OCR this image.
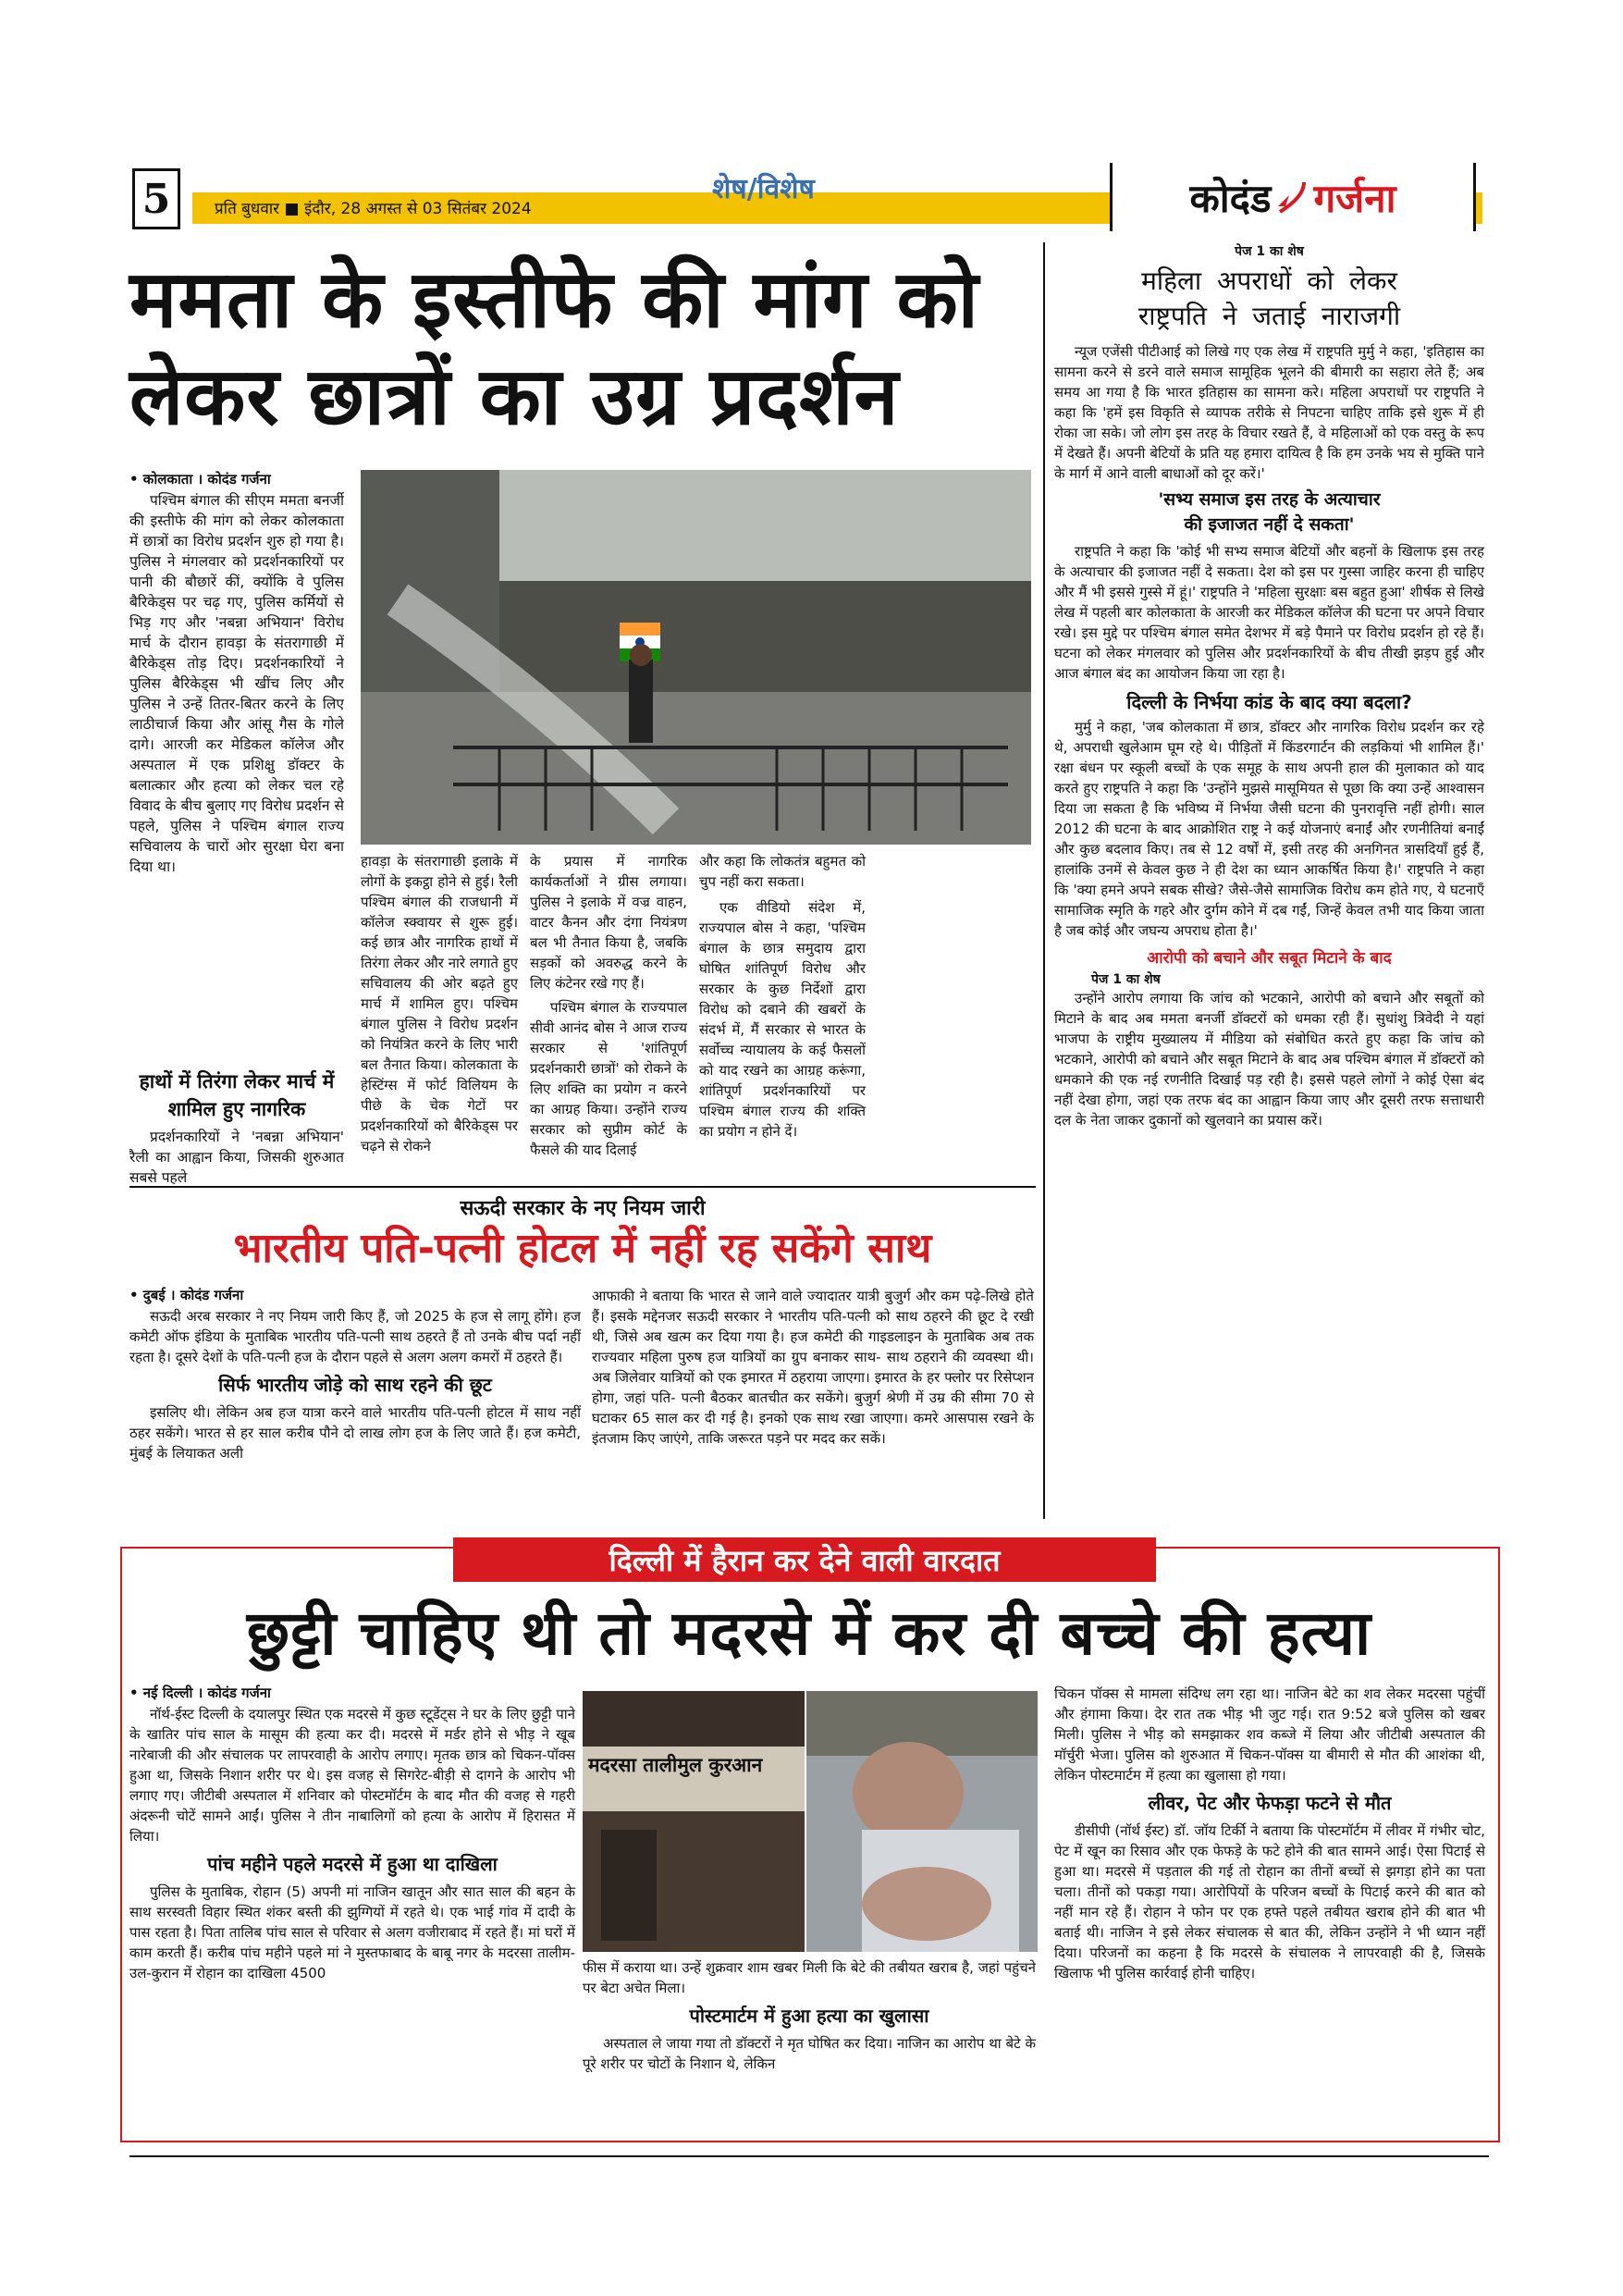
5	प्रति बुधवार ■ इंदौर, 28 अगस्त से 03 सितंबर 2024
शेष/विशेष	कोदंड गर्जना
ममता के इस्तीफे की मांग को
लेकर छात्रों का उग्र प्रदर्शन

• कोलकाता । कोदंड गर्जना

पश्चिम बंगाल की सीएम ममता बनर्जी की इस्तीफे की मांग को लेकर कोलकाता में छात्रों का विरोध प्रदर्शन शुरु हो गया है। पुलिस ने मंगलवार को प्रदर्शनकारियों पर पानी की बौछारें कीं, क्योंकि वे पुलिस बैरिकेड्स पर चढ़ गए, पुलिस कर्मियों से भिड़ गए और 'नबन्ना अभियान' विरोध मार्च के दौरान हावड़ा के संतरागाछी में बैरिकेड्स तोड़ दिए। प्रदर्शनकारियों ने पुलिस बैरिकेड्स भी खींच लिए और पुलिस ने उन्हें तितर-बितर करने के लिए लाठीचार्ज किया और आंसू गैस के गोले दागे। आरजी कर मेडिकल कॉलेज और अस्पताल में एक प्रशिक्षु डॉक्टर के बलात्कार और हत्या को लेकर चल रहे विवाद के बीच बुलाए गए विरोध प्रदर्शन से पहले, पुलिस ने पश्चिम बंगाल राज्य सचिवालय के चारों ओर सुरक्षा घेरा बना दिया था।

हाथों में तिरंगा लेकर मार्च में शामिल हुए नागरिक

प्रदर्शनकारियों ने 'नबन्ना अभियान' रैली का आह्वान किया, जिसकी शुरुआत सबसे पहले

हावड़ा के संतरागाछी इलाके में लोगों के इकट्ठा होने से हुई। रैली पश्चिम बंगाल की राजधानी में कॉलेज स्क्वायर से शुरू हुई। कई छात्र और नागरिक हाथों में तिरंगा लेकर और नारे लगाते हुए सचिवालय की ओर बढ़ते हुए मार्च में शामिल हुए। पश्चिम बंगाल पुलिस ने विरोध प्रदर्शन को नियंत्रित करने के लिए भारी बल तैनात किया। कोलकाता के हेस्टिंग्स में फोर्ट विलियम के पीछे के चेक गेटों पर प्रदर्शनकारियों को बैरिकेड्स पर चढ़ने से रोकने

के प्रयास में नागरिक कार्यकर्ताओं ने ग्रीस लगाया। पुलिस ने इलाके में वज्र वाहन, वाटर कैनन और दंगा नियंत्रण बल भी तैनात किया है, जबकि सड़कों को अवरुद्ध करने के लिए कंटेनर रखे गए हैं।

पश्चिम बंगाल के राज्यपाल सीवी आनंद बोस ने आज राज्य सरकार से 'शांतिपूर्ण प्रदर्शनकारी छात्रों' को रोकने के लिए शक्ति का प्रयोग न करने का आग्रह किया। उन्होंने राज्य सरकार को सुप्रीम कोर्ट के फैसले की याद दिलाई

और कहा कि लोकतंत्र बहुमत को चुप नहीं करा सकता।

एक वीडियो संदेश में, राज्यपाल बोस ने कहा, 'पश्चिम बंगाल के छात्र समुदाय द्वारा घोषित शांतिपूर्ण विरोध और सरकार के कुछ निर्देशों द्वारा विरोध को दबाने की खबरों के संदर्भ में, मैं सरकार से भारत के सर्वोच्च न्यायालय के कई फैसलों को याद रखने का आग्रह करूंगा, शांतिपूर्ण प्रदर्शनकारियों पर पश्चिम बंगाल राज्य की शक्ति का प्रयोग न होने दें।

पेज 1 का शेष
महिला अपराधों को लेकर
राष्ट्रपति ने जताई नाराजगी

न्यूज एजेंसी पीटीआई को लिखे गए एक लेख में राष्ट्रपति मुर्मु ने कहा, 'इतिहास का सामना करने से डरने वाले समाज सामूहिक भूलने की बीमारी का सहारा लेते हैं; अब समय आ गया है कि भारत इतिहास का सामना करे। महिला अपराधों पर राष्ट्रपति ने कहा कि 'हमें इस विकृति से व्यापक तरीके से निपटना चाहिए ताकि इसे शुरू में ही रोका जा सके। जो लोग इस तरह के विचार रखते हैं, वे महिलाओं को एक वस्तु के रूप में देखते हैं। अपनी बेटियों के प्रति यह हमारा दायित्व है कि हम उनके भय से मुक्ति पाने के मार्ग में आने वाली बाधाओं को दूर करें।'

'सभ्य समाज इस तरह के अत्याचार
की इजाजत नहीं दे सकता'

राष्ट्रपति ने कहा कि 'कोई भी सभ्य समाज बेटियों और बहनों के खिलाफ इस तरह के अत्याचार की इजाजत नहीं दे सकता। देश को इस पर गुस्सा जाहिर करना ही चाहिए और मैं भी इससे गुस्से में हूं।' राष्ट्रपति ने 'महिला सुरक्षाः बस बहुत हुआ' शीर्षक से लिखे लेख में पहली बार कोलकाता के आरजी कर मेडिकल कॉलेज की घटना पर अपने विचार रखे। इस मुद्दे पर पश्चिम बंगाल समेत देशभर में बड़े पैमाने पर विरोध प्रदर्शन हो रहे हैं। घटना को लेकर मंगलवार को पुलिस और प्रदर्शनकारियों के बीच तीखी झड़प हुई और आज बंगाल बंद का आयोजन किया जा रहा है।

दिल्ली के निर्भया कांड के बाद क्या बदला?

मुर्मु ने कहा, 'जब कोलकाता में छात्र, डॉक्टर और नागरिक विरोध प्रदर्शन कर रहे थे, अपराधी खुलेआम घूम रहे थे। पीड़ितों में किंडरगार्टन की लड़कियां भी शामिल हैं।' रक्षा बंधन पर स्कूली बच्चों के एक समूह के साथ अपनी हाल की मुलाकात को याद करते हुए राष्ट्रपति ने कहा कि 'उन्होंने मुझसे मासूमियत से पूछा कि क्या उन्हें आश्वासन दिया जा सकता है कि भविष्य में निर्भया जैसी घटना की पुनरावृत्ति नहीं होगी। साल 2012 की घटना के बाद आक्रोशित राष्ट्र ने कई योजनाएं बनाईं और रणनीतियां बनाईं और कुछ बदलाव किए। तब से 12 वर्षों में, इसी तरह की अनगिनत त्रासदियाँ हुई हैं, हालांकि उनमें से केवल कुछ ने ही देश का ध्यान आकर्षित किया है।' राष्ट्रपति ने कहा कि 'क्या हमने अपने सबक सीखे? जैसे-जैसे सामाजिक विरोध कम होते गए, ये घटनाएँ सामाजिक स्मृति के गहरे और दुर्गम कोने में दब गईं, जिन्हें केवल तभी याद किया जाता है जब कोई और जघन्य अपराध होता है।'

आरोपी को बचाने और सबूत मिटाने के बाद
पेज 1 का शेष

उन्होंने आरोप लगाया कि जांच को भटकाने, आरोपी को बचाने और सबूतों को मिटाने के बाद अब ममता बनर्जी डॉक्टरों को धमका रही हैं। सुधांशु त्रिवेदी ने यहां भाजपा के राष्ट्रीय मुख्यालय में मीडिया को संबोधित करते हुए कहा कि जांच को भटकाने, आरोपी को बचाने और सबूत मिटाने के बाद अब पश्चिम बंगाल में डॉक्टरों को धमकाने की एक नई रणनीति दिखाई पड़ रही है। इससे पहले लोगों ने कोई ऐसा बंद नहीं देखा होगा, जहां एक तरफ बंद का आह्वान किया जाए और दूसरी तरफ सत्ताधारी दल के नेता जाकर दुकानों को खुलवाने का प्रयास करें।

सऊदी सरकार के नए नियम जारी
भारतीय पति-पत्नी होटल में नहीं रह सकेंगे साथ

• दुबई । कोदंड गर्जना

सऊदी अरब सरकार ने नए नियम जारी किए हैं, जो 2025 के हज से लागू होंगे। हज कमेटी ऑफ इंडिया के मुताबिक भारतीय पति-पत्नी साथ ठहरते हैं तो उनके बीच पर्दा नहीं रहता है। दूसरे देशों के पति-पत्नी हज के दौरान पहले से अलग अलग कमरों में ठहरते हैं।

सिर्फ भारतीय जोड़े को साथ रहने की छूट

इसलिए थी। लेकिन अब हज यात्रा करने वाले भारतीय पति-पत्नी होटल में साथ नहीं ठहर सकेंगे। भारत से हर साल करीब पौने दो लाख लोग हज के लिए जाते हैं। हज कमेटी, मुंबई के लियाकत अली

आफाकी ने बताया कि भारत से जाने वाले ज्यादातर यात्री बुजुर्ग और कम पढ़े-लिखे होते हैं। इसके मद्देनजर सऊदी सरकार ने भारतीय पति-पत्नी को साथ ठहरने की छूट दे रखी थी, जिसे अब खत्म कर दिया गया है। हज कमेटी की गाइडलाइन के मुताबिक अब तक राज्यवार महिला पुरुष हज यात्रियों का ग्रुप बनाकर साथ- साथ ठहराने की व्यवस्था थी। अब जिलेवार यात्रियों को एक इमारत में ठहराया जाएगा। इमारत के हर फ्लोर पर रिसेप्शन होगा, जहां पति- पत्नी बैठकर बातचीत कर सकेंगे। बुजुर्ग श्रेणी में उम्र की सीमा 70 से घटाकर 65 साल कर दी गई है। इनको एक साथ रखा जाएगा। कमरे आसपास रखने के इंतजाम किए जाएंगे, ताकि जरूरत पड़ने पर मदद कर सकें।

दिल्ली में हैरान कर देने वाली वारदात
छुट्टी चाहिए थी तो मदरसे में कर दी बच्चे की हत्या

• नई दिल्ली । कोदंड गर्जना

नॉर्थ-ईस्ट दिल्ली के दयालपुर स्थित एक मदरसे में कुछ स्टूडेंट्स ने घर के लिए छुट्टी पाने के खातिर पांच साल के मासूम की हत्या कर दी। मदरसे में मर्डर होने से भीड़ ने खूब नारेबाजी की और संचालक पर लापरवाही के आरोप लगाए। मृतक छात्र को चिकन-पॉक्स हुआ था, जिसके निशान शरीर पर थे। इस वजह से सिगरेट-बीड़ी से दागने के आरोप भी लगाए गए। जीटीबी अस्पताल में शनिवार को पोस्टमॉर्टम के बाद मौत की वजह से गहरी अंदरूनी चोटें सामने आईं। पुलिस ने तीन नाबालिगों को हत्या के आरोप में हिरासत में लिया।

पांच महीने पहले मदरसे में हुआ था दाखिला

पुलिस के मुताबिक, रोहान (5) अपनी मां नाजिन खातून और सात साल की बहन के साथ सरस्वती विहार स्थित शंकर बस्ती की झुग्गियों में रहते थे। एक भाई गांव में दादी के पास रहता है। पिता तालिब पांच साल से परिवार से अलग वजीराबाद में रहते हैं। मां घरों में काम करती हैं। करीब पांच महीने पहले मां ने मुस्तफाबाद के बाबू नगर के मदरसा तालीम-उल-कुरान में रोहान का दाखिला 4500

मदरसा तालीमुल कुरआन

फीस में कराया था। उन्हें शुक्रवार शाम खबर मिली कि बेटे की तबीयत खराब है, जहां पहुंचने पर बेटा अचेत मिला।

पोस्टमार्टम में हुआ हत्या का खुलासा

अस्पताल ले जाया गया तो डॉक्टरों ने मृत घोषित कर दिया। नाजिन का आरोप था बेटे के पूरे शरीर पर चोटों के निशान थे, लेकिन

चिकन पॉक्स से मामला संदिग्ध लग रहा था। नाजिन बेटे का शव लेकर मदरसा पहुंचीं और हंगामा किया। देर रात तक भीड़ भी जुट गई। रात 9:52 बजे पुलिस को खबर मिली। पुलिस ने भीड़ को समझाकर शव कब्जे में लिया और जीटीबी अस्पताल की मॉर्चुरी भेजा। पुलिस को शुरुआत में चिकन-पॉक्स या बीमारी से मौत की आशंका थी, लेकिन पोस्टमार्टम में हत्या का खुलासा हो गया।

लीवर, पेट और फेफड़ा फटने से मौत

डीसीपी (नॉर्थ ईस्ट) डॉ. जॉय टिर्की ने बताया कि पोस्टमॉर्टम में लीवर में गंभीर चोट, पेट में खून का रिसाव और एक फेफड़े के फटे होने की बात सामने आई। ऐसा पिटाई से हुआ था। मदरसे में पड़ताल की गई तो रोहान का तीनों बच्चों से झगड़ा होने का पता चला। तीनों को पकड़ा गया। आरोपियों के परिजन बच्चों के पिटाई करने की बात को नहीं मान रहे हैं। रोहान ने फोन पर एक हफ्ते पहले तबीयत खराब होने की बात भी बताई थी। नाजिन ने इसे लेकर संचालक से बात की, लेकिन उन्होंने ने भी ध्यान नहीं दिया। परिजनों का कहना है कि मदरसे के संचालक ने लापरवाही की है, जिसके खिलाफ भी पुलिस कार्रवाई होनी चाहिए।
